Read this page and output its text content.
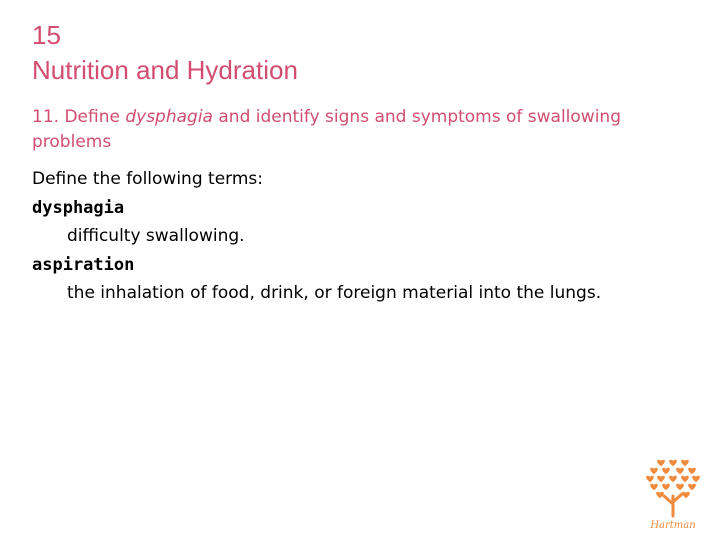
15
Nutrition and Hydration
11. Define dysphagia and identify signs and symptoms of swallowing problems
Define the following terms:
dysphagia
difficulty swallowing.
aspiration
the inhalation of food, drink, or foreign material into the lungs.
Hartman
